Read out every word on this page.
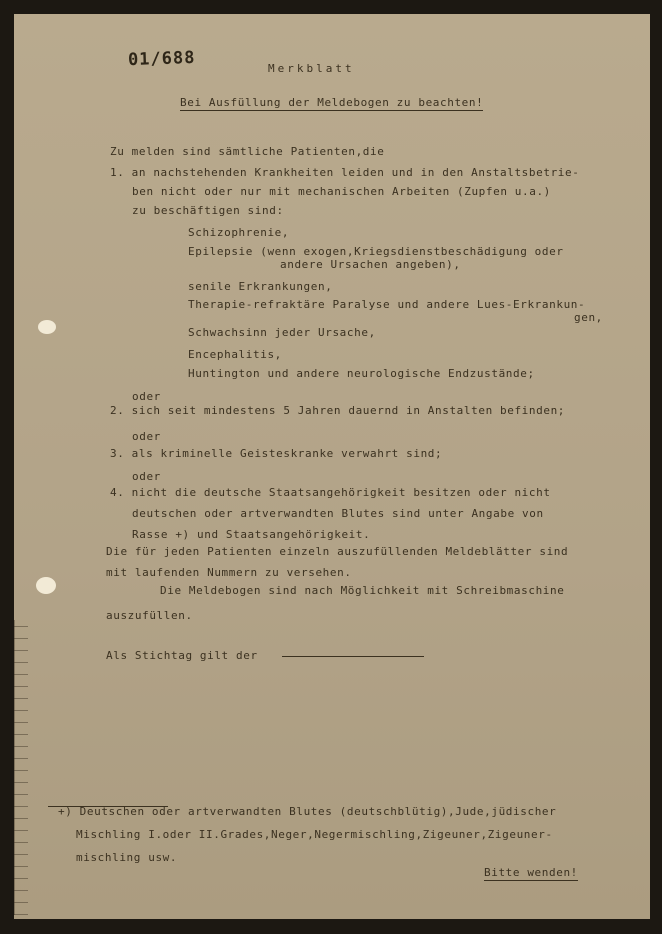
01/688	Merkblatt
Bei Ausfüllung der Meldebogen zu beachten!
Zu melden sind sämtliche Patienten,die
1. an nachstehenden Krankheiten leiden und in den Anstaltsbetrie-
ben nicht oder nur mit mechanischen Arbeiten (Zupfen u.a.)
zu beschäftigen sind:
Schizophrenie,
Epilepsie (wenn exogen,Kriegsdienstbeschädigung oder
andere Ursachen angeben),
senile Erkrankungen,
Therapie-refraktäre Paralyse und andere Lues-Erkrankun-
gen,
Schwachsinn jeder Ursache,
Encephalitis,
Huntington und andere neurologische Endzustände;
oder
2. sich seit mindestens 5 Jahren dauernd in Anstalten befinden;
oder
3. als kriminelle Geisteskranke verwahrt sind;
oder
4. nicht die deutsche Staatsangehörigkeit besitzen oder nicht
deutschen oder artverwandten Blutes sind unter Angabe von
Rasse +) und Staatsangehörigkeit.
Die für jeden Patienten einzeln auszufüllenden Meldeblätter sind
mit laufenden Nummern zu versehen.
Die Meldebogen sind nach Möglichkeit mit Schreibmaschine
auszufüllen.
Als Stichtag gilt der
+) Deutschen oder artverwandten Blutes (deutschblütig),Jude,jüdischer
Mischling I.oder II.Grades,Neger,Negermischling,Zigeuner,Zigeuner-
mischling usw.
Bitte wenden!
